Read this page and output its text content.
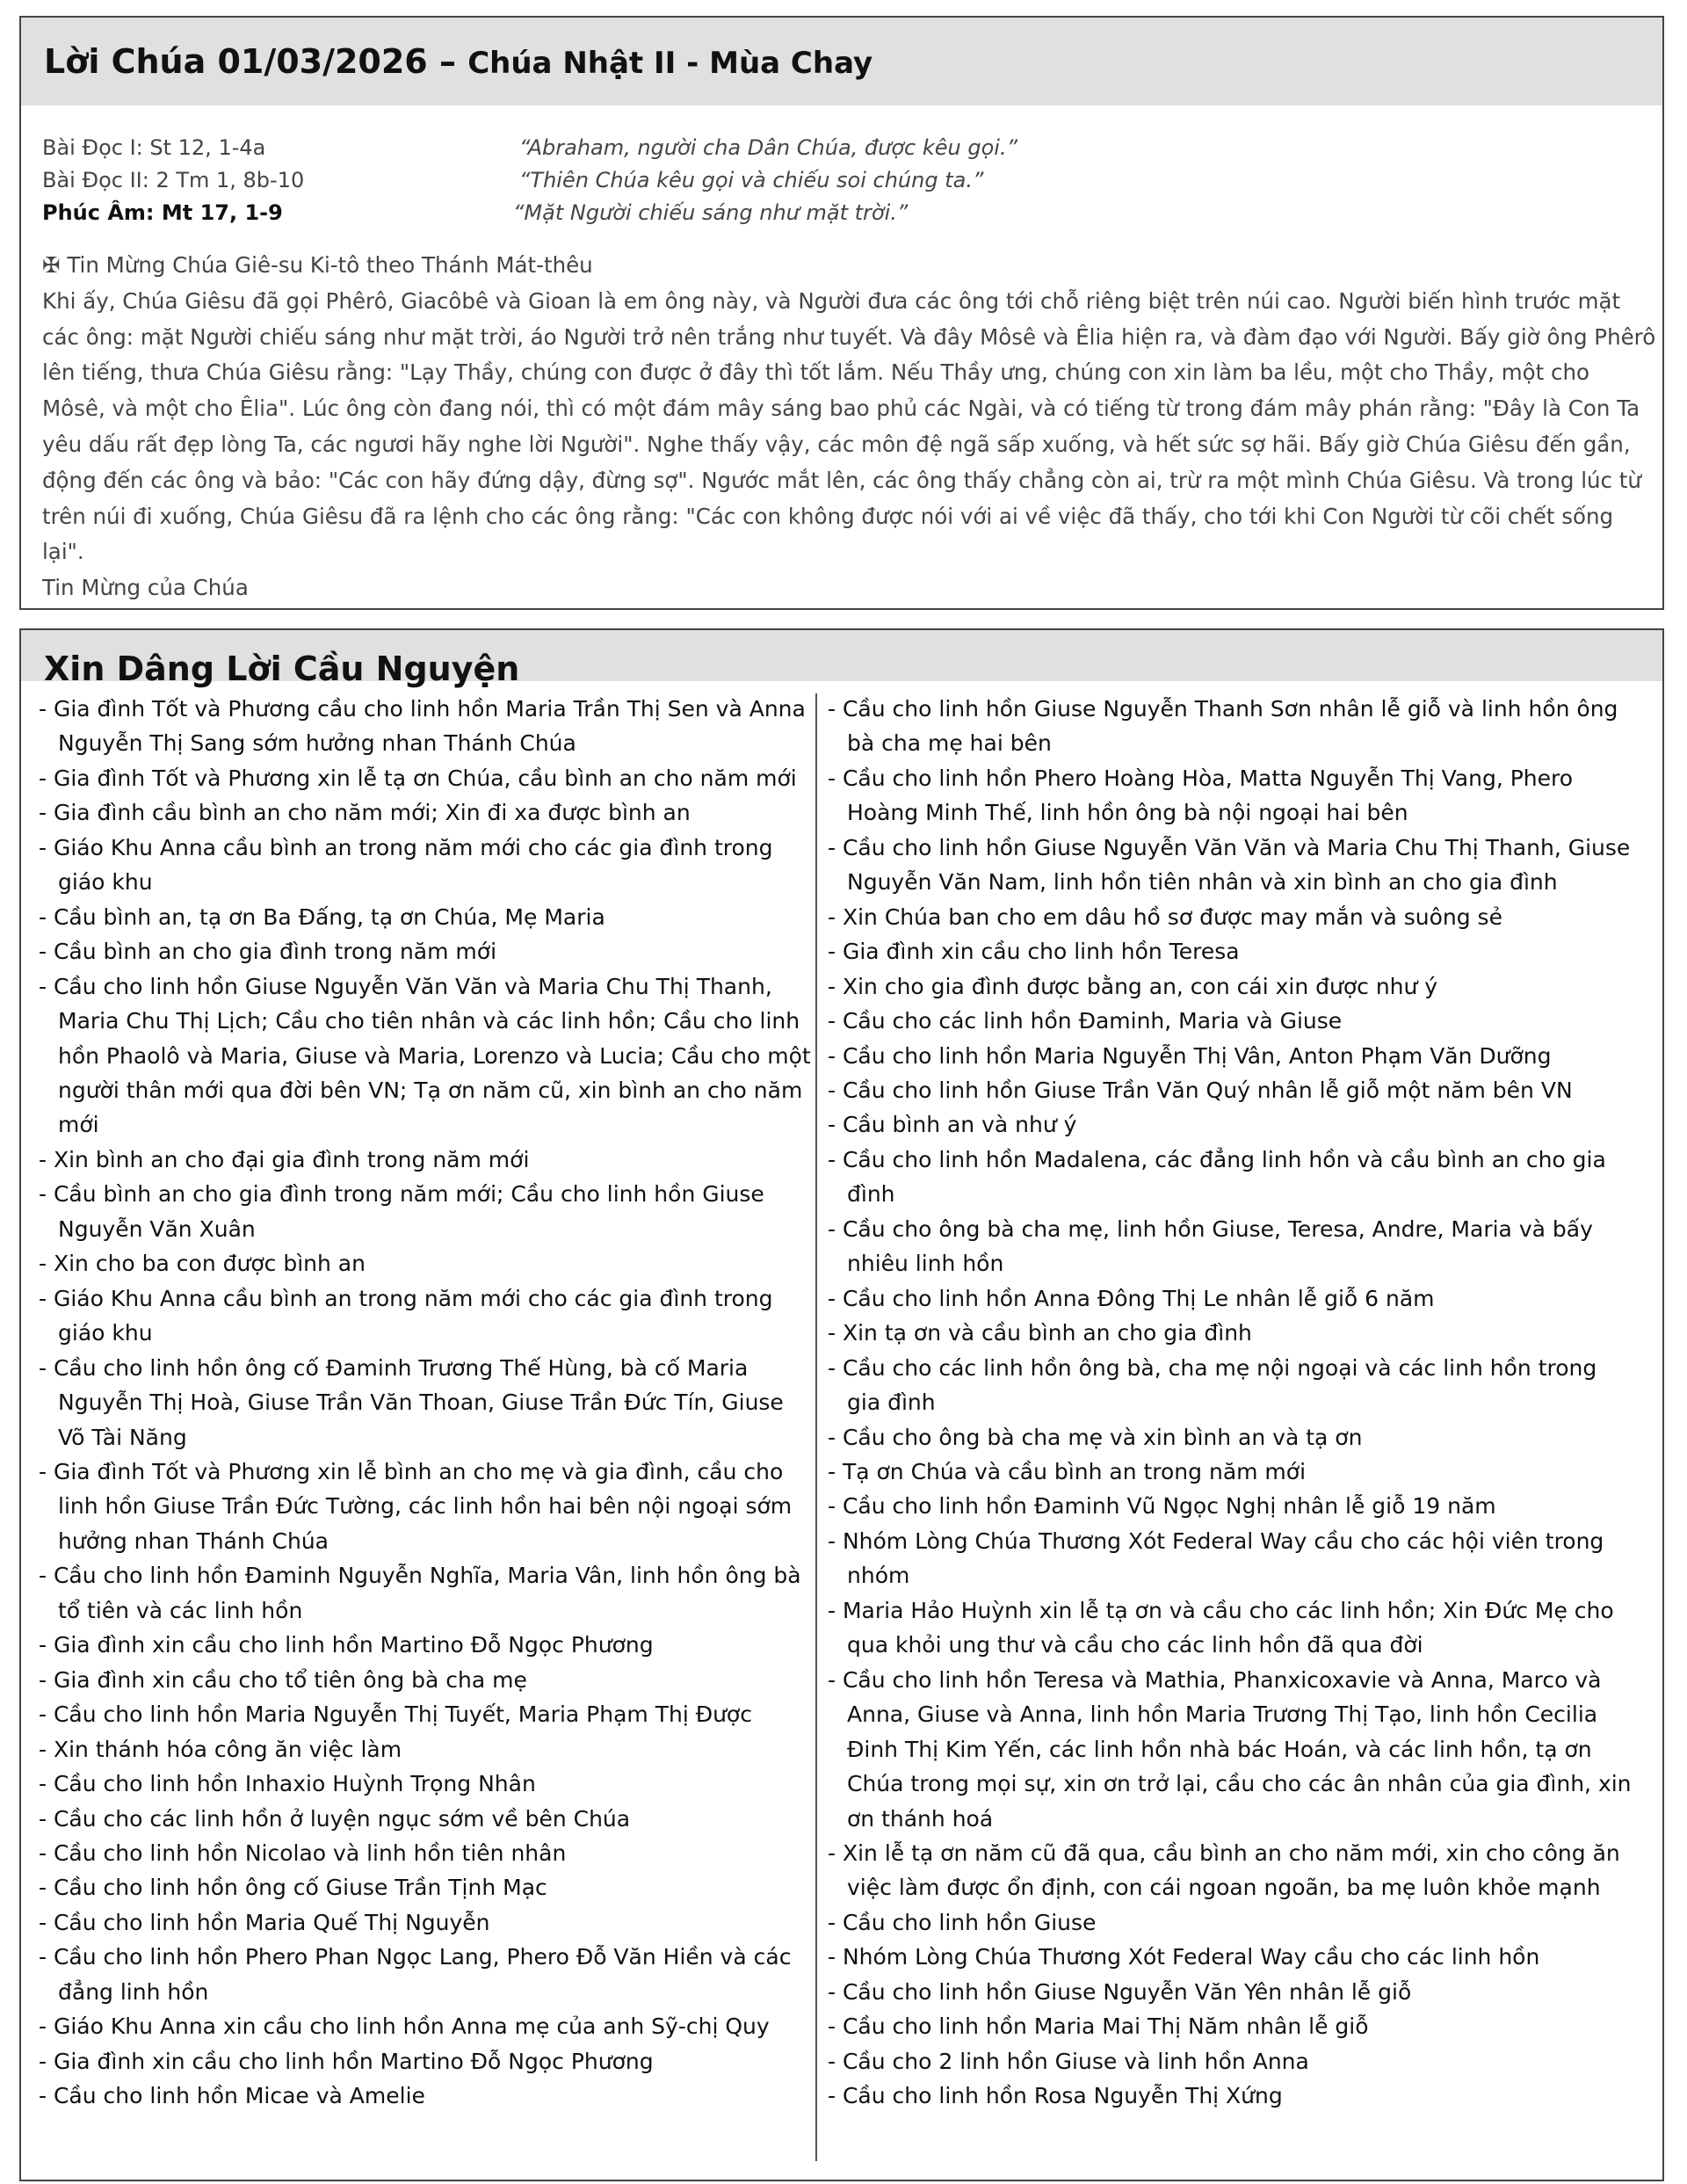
Lời Chúa 01/03/2026 – Chúa Nhật II - Mùa Chay
Bài Đọc I: St 12, 1-4a	“Abraham, người cha Dân Chúa, được kêu gọi.”
Bài Đọc II: 2 Tm 1, 8b-10	“Thiên Chúa kêu gọi và chiếu soi chúng ta.”
Phúc Âm: Mt 17, 1-9	“Mặt Người chiếu sáng như mặt trời.”

✠ Tin Mừng Chúa Giê-su Ki-tô theo Thánh Mát-thêu

Khi ấy, Chúa Giêsu đã gọi Phêrô, Giacôbê và Gioan là em ông này, và Người đưa các ông tới chỗ riêng biệt trên núi cao. Người biến hình trước mặt các ông: mặt Người chiếu sáng như mặt trời, áo Người trở nên trắng như tuyết. Và đây Môsê và Êlia hiện ra, và đàm đạo với Người. Bấy giờ ông Phêrô lên tiếng, thưa Chúa Giêsu rằng: "Lạy Thầy, chúng con được ở đây thì tốt lắm. Nếu Thầy ưng, chúng con xin làm ba lều, một cho Thầy, một cho Môsê, và một cho Êlia". Lúc ông còn đang nói, thì có một đám mây sáng bao phủ các Ngài, và có tiếng từ trong đám mây phán rằng: "Đây là Con Ta yêu dấu rất đẹp lòng Ta, các ngươi hãy nghe lời Người". Nghe thấy vậy, các môn đệ ngã sấp xuống, và hết sức sợ hãi. Bấy giờ Chúa Giêsu đến gần, động đến các ông và bảo: "Các con hãy đứng dậy, đừng sợ". Ngước mắt lên, các ông thấy chẳng còn ai, trừ ra một mình Chúa Giêsu. Và trong lúc từ trên núi đi xuống, Chúa Giêsu đã ra lệnh cho các ông rằng: "Các con không được nói với ai về việc đã thấy, cho tới khi Con Người từ cõi chết sống lại".

Tin Mừng của Chúa

Xin Dâng Lời Cầu Nguyện
- Gia đình Tốt và Phương cầu cho linh hồn Maria Trần Thị Sen và Anna Nguyễn Thị Sang sớm hưởng nhan Thánh Chúa
- Gia đình Tốt và Phương xin lễ tạ ơn Chúa, cầu bình an cho năm mới
- Gia đình cầu bình an cho năm mới; Xin đi xa được bình an
- Giáo Khu Anna cầu bình an trong năm mới cho các gia đình trong giáo khu
- Cầu bình an, tạ ơn Ba Đấng, tạ ơn Chúa, Mẹ Maria
- Cầu bình an cho gia đình trong năm mới
- Cầu cho linh hồn Giuse Nguyễn Văn Văn và Maria Chu Thị Thanh, Maria Chu Thị Lịch; Cầu cho tiên nhân và các linh hồn; Cầu cho linh hồn Phaolô và Maria, Giuse và Maria, Lorenzo và Lucia; Cầu cho một người thân mới qua đời bên VN; Tạ ơn năm cũ, xin bình an cho năm mới
- Xin bình an cho đại gia đình trong năm mới
- Cầu bình an cho gia đình trong năm mới; Cầu cho linh hồn Giuse Nguyễn Văn Xuân
- Xin cho ba con được bình an
- Giáo Khu Anna cầu bình an trong năm mới cho các gia đình trong giáo khu
- Cầu cho linh hồn ông cố Đaminh Trương Thế Hùng, bà cố Maria Nguyễn Thị Hoà, Giuse Trần Văn Thoan, Giuse Trần Đức Tín, Giuse Võ Tài Năng
- Gia đình Tốt và Phương xin lễ bình an cho mẹ và gia đình, cầu cho linh hồn Giuse Trần Đức Tường, các linh hồn hai bên nội ngoại sớm hưởng nhan Thánh Chúa
- Cầu cho linh hồn Đaminh Nguyễn Nghĩa, Maria Vân, linh hồn ông bà tổ tiên và các linh hồn
- Gia đình xin cầu cho linh hồn Martino Đỗ Ngọc Phương
- Gia đình xin cầu cho tổ tiên ông bà cha mẹ
- Cầu cho linh hồn Maria Nguyễn Thị Tuyết, Maria Phạm Thị Được
- Xin thánh hóa công ăn việc làm
- Cầu cho linh hồn Inhaxio Huỳnh Trọng Nhân
- Cầu cho các linh hồn ở luyện ngục sớm về bên Chúa
- Cầu cho linh hồn Nicolao và linh hồn tiên nhân
- Cầu cho linh hồn ông cố Giuse Trần Tịnh Mạc
- Cầu cho linh hồn Maria Quế Thị Nguyễn
- Cầu cho linh hồn Phero Phan Ngọc Lang, Phero Đỗ Văn Hiền và các đẳng linh hồn
- Giáo Khu Anna xin cầu cho linh hồn Anna mẹ của anh Sỹ-chị Quy
- Gia đình xin cầu cho linh hồn Martino Đỗ Ngọc Phương
- Cầu cho linh hồn Micae và Amelie
- Cầu cho linh hồn Giuse Nguyễn Thanh Sơn nhân lễ giỗ và linh hồn ông bà cha mẹ hai bên
- Cầu cho linh hồn Phero Hoàng Hòa, Matta Nguyễn Thị Vang, Phero Hoàng Minh Thế, linh hồn ông bà nội ngoại hai bên
- Cầu cho linh hồn Giuse Nguyễn Văn Văn và Maria Chu Thị Thanh, Giuse Nguyễn Văn Nam, linh hồn tiên nhân và xin bình an cho gia đình
- Xin Chúa ban cho em dâu hồ sơ được may mắn và suông sẻ
- Gia đình xin cầu cho linh hồn Teresa
- Xin cho gia đình được bằng an, con cái xin được như ý
- Cầu cho các linh hồn Đaminh, Maria và Giuse
- Cầu cho linh hồn Maria Nguyễn Thị Vân, Anton Phạm Văn Dưỡng
- Cầu cho linh hồn Giuse Trần Văn Quý nhân lễ giỗ một năm bên VN
- Cầu bình an và như ý
- Cầu cho linh hồn Madalena, các đẳng linh hồn và cầu bình an cho gia đình
- Cầu cho ông bà cha mẹ, linh hồn Giuse, Teresa, Andre, Maria và bấy nhiêu linh hồn
- Cầu cho linh hồn Anna Đông Thị Le nhân lễ giỗ 6 năm
- Xin tạ ơn và cầu bình an cho gia đình
- Cầu cho các linh hồn ông bà, cha mẹ nội ngoại và các linh hồn trong gia đình
- Cầu cho ông bà cha mẹ và xin bình an và tạ ơn
- Tạ ơn Chúa và cầu bình an trong năm mới
- Cầu cho linh hồn Đaminh Vũ Ngọc Nghị nhân lễ giỗ 19 năm
- Nhóm Lòng Chúa Thương Xót Federal Way cầu cho các hội viên trong nhóm
- Maria Hảo Huỳnh xin lễ tạ ơn và cầu cho các linh hồn; Xin Đức Mẹ cho qua khỏi ung thư và cầu cho các linh hồn đã qua đời
- Cầu cho linh hồn Teresa và Mathia, Phanxicoxavie và Anna, Marco và Anna, Giuse và Anna, linh hồn Maria Trương Thị Tạo, linh hồn Cecilia Đinh Thị Kim Yến, các linh hồn nhà bác Hoán, và các linh hồn, tạ ơn Chúa trong mọi sự, xin ơn trở lại, cầu cho các ân nhân của gia đình, xin ơn thánh hoá
- Xin lễ tạ ơn năm cũ đã qua, cầu bình an cho năm mới, xin cho công ăn việc làm được ổn định, con cái ngoan ngoãn, ba mẹ luôn khỏe mạnh
- Cầu cho linh hồn Giuse
- Nhóm Lòng Chúa Thương Xót Federal Way cầu cho các linh hồn
- Cầu cho linh hồn Giuse Nguyễn Văn Yên nhân lễ giỗ
- Cầu cho linh hồn Maria Mai Thị Năm nhân lễ giỗ
- Cầu cho 2 linh hồn Giuse và linh hồn Anna
- Cầu cho linh hồn Rosa Nguyễn Thị Xứng
